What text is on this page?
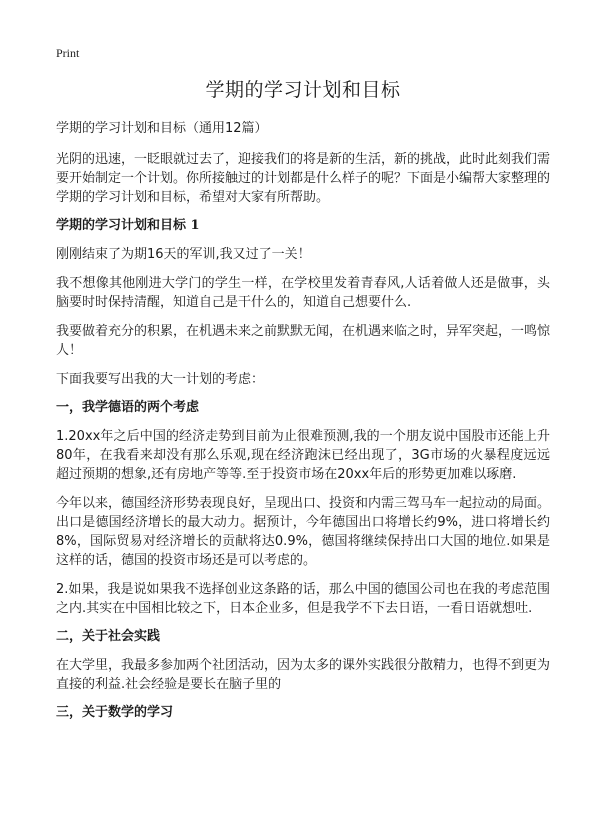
Print
学期的学习计划和目标
学期的学习计划和目标（通用12篇）

光阴的迅速，一眨眼就过去了，迎接我们的将是新的生活，新的挑战，此时此刻我们需要开始制定一个计划。你所接触过的计划都是什么样子的呢？下面是小编帮大家整理的学期的学习计划和目标，希望对大家有所帮助。

学期的学习计划和目标 1

刚刚结束了为期16天的军训,我又过了一关！

我不想像其他刚进大学门的学生一样，在学校里发着青春风,人话着做人还是做事，头脑要时时保持清醒，知道自己是干什么的，知道自己想要什么.

我要做着充分的积累，在机遇未来之前默默无闻，在机遇来临之时，异军突起，一鸣惊人！

下面我要写出我的大一计划的考虑：

一，我学德语的两个考虑

1.20xx年之后中国的经济走势到目前为止很难预测,我的一个朋友说中国股市还能上升80年，在我看来却没有那么乐观,现在经济跑沫已经出现了，3G市场的火暴程度远远超过预期的想象,还有房地产等等.至于投资市场在20xx年后的形势更加难以琢磨.

今年以来，德国经济形势表现良好，呈现出口、投资和内需三驾马车一起拉动的局面。出口是德国经济增长的最大动力。据预计，今年德国出口将增长约9%，进口将增长约8%，国际贸易对经济增长的贡献将达0.9%，德国将继续保持出口大国的地位.如果是这样的话，德国的投资市场还是可以考虑的。

2.如果，我是说如果我不选择创业这条路的话，那么中国的德国公司也在我的考虑范围之内.其实在中国相比较之下，日本企业多，但是我学不下去日语，一看日语就想吐.

二，关于社会实践

在大学里，我最多参加两个社团活动，因为太多的课外实践很分散精力，也得不到更为直接的利益.社会经验是要长在脑子里的

三，关于数学的学习
